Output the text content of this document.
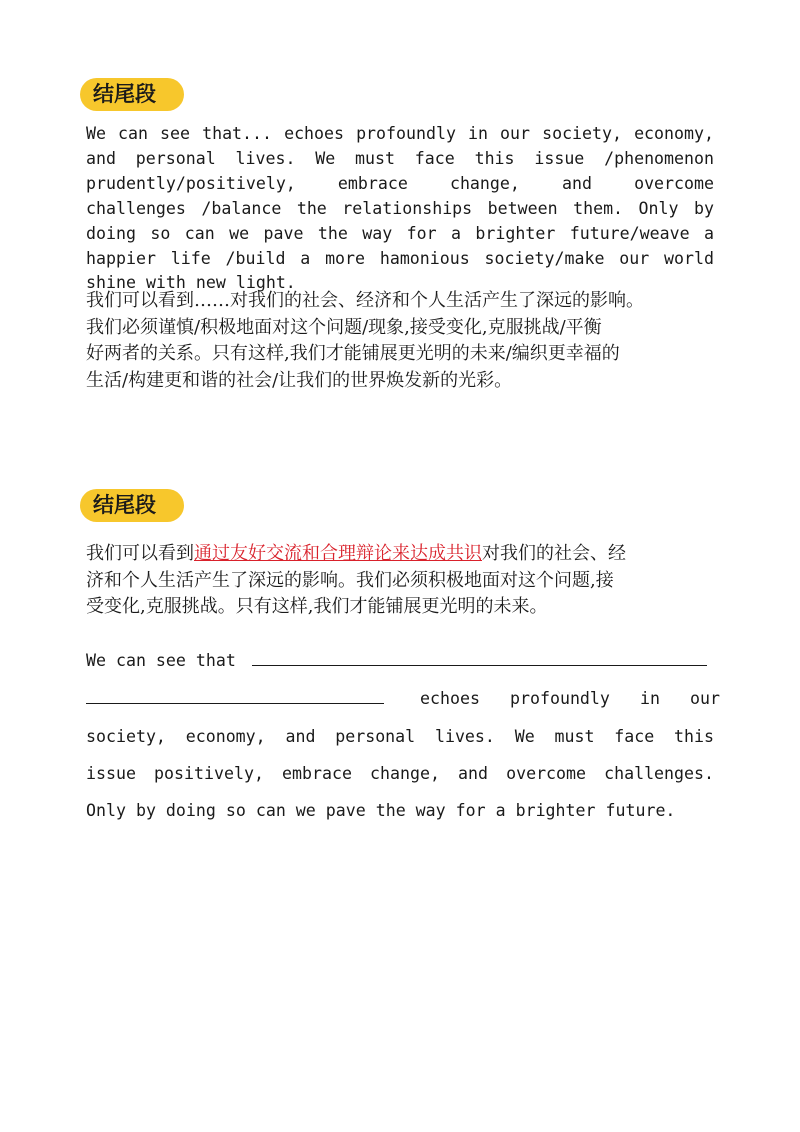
结尾段
We can see that... echoes profoundly in our society, economy,
and personal lives. We must face this issue /phenomenon
prudently/positively, embrace change, and overcome
challenges /balance the relationships between them. Only by
doing so can we pave the way for a brighter future/weave a
happier life /build a more hamonious society/make our world
shine with new light.
我们可以看到……对我们的社会、经济和个人生活产生了深远的影响。
我们必须谨慎/积极地面对这个问题/现象,接受变化,克服挑战/平衡
好两者的关系。只有这样,我们才能铺展更光明的未来/编织更幸福的
生活/构建更和谐的社会/让我们的世界焕发新的光彩。
结尾段
我们可以看到通过友好交流和合理辩论来达成共识对我们的社会、经
济和个人生活产生了深远的影响。我们必须积极地面对这个问题,接
受变化,克服挑战。只有这样,我们才能铺展更光明的未来。
We can see that
echoes profoundly in our
society, economy, and personal lives. We must face this
issue positively, embrace change, and overcome challenges.
Only by doing so can we pave the way for a brighter future.
